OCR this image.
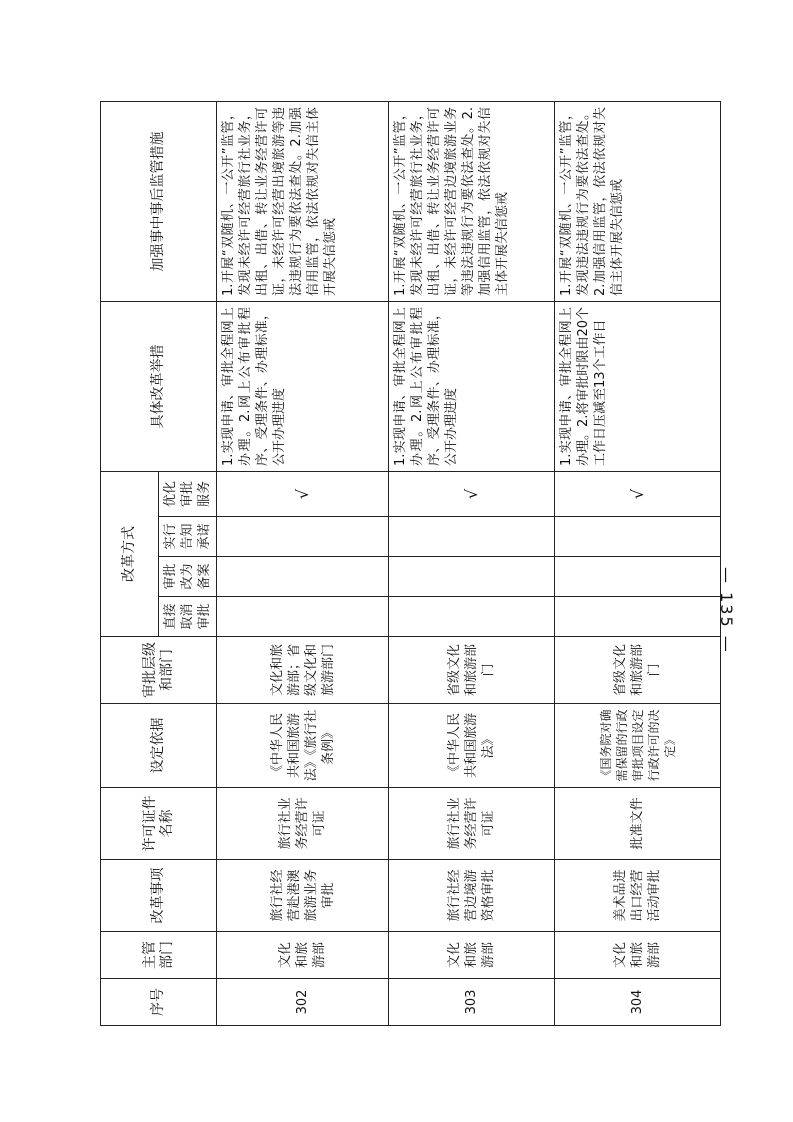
序号	主管部门	改革事项	许可证件名称	设定依据	审批层级和部门	改革方式				具体改革举措	加强事中事后监管措施
						直接取消审批	审批改为备案	实行告知承诺	优化审批服务		
302	文化和旅游部	旅行社经营赴港澳旅游业务审批	旅行社业务经营许可证	《中华人民共和国旅游法》《旅行社条例》	文化和旅游部；省级文化和旅游部门				√	1.实现申请、审批全程网上办理。2.网上公布审批程序、受理条件、办理标准，公开办理进度	1.开展“双随机、一公开”监管，发现未经许可经营旅行社业务，出租、出借、转让业务经营许可证，未经许可经营出境旅游等违法违规行为要依法查处。2.加强信用监管，依法依规对失信主体开展失信惩戒
303	文化和旅游部	旅行社经营边境游资格审批	旅行社业务经营许可证	《中华人民共和国旅游法》	省级文化和旅游部门				√	1.实现申请、审批全程网上办理。2.网上公布审批程序、受理条件、办理标准，公开办理进度	1.开展“双随机、一公开”监管，发现未经许可经营旅行社业务，出租、出借、转让业务经营许可证，未经许可经营边境旅游业务等违法违规行为要依法查处。2.加强信用监管，依法依规对失信主体开展失信惩戒
304	文化和旅游部	美术品进出口经营活动审批	批准文件	《国务院对确需保留的行政审批项目设定行政许可的决定》	省级文化和旅游部门				√	1.实现申请、审批全程网上办理。2.将审批时限由20个工作日压减至13个工作日	1.开展“双随机、一公开”监管，发现违法违规行为要依法查处。2.加强信用监管，依法依规对失信主体开展失信惩戒
— 135 —
